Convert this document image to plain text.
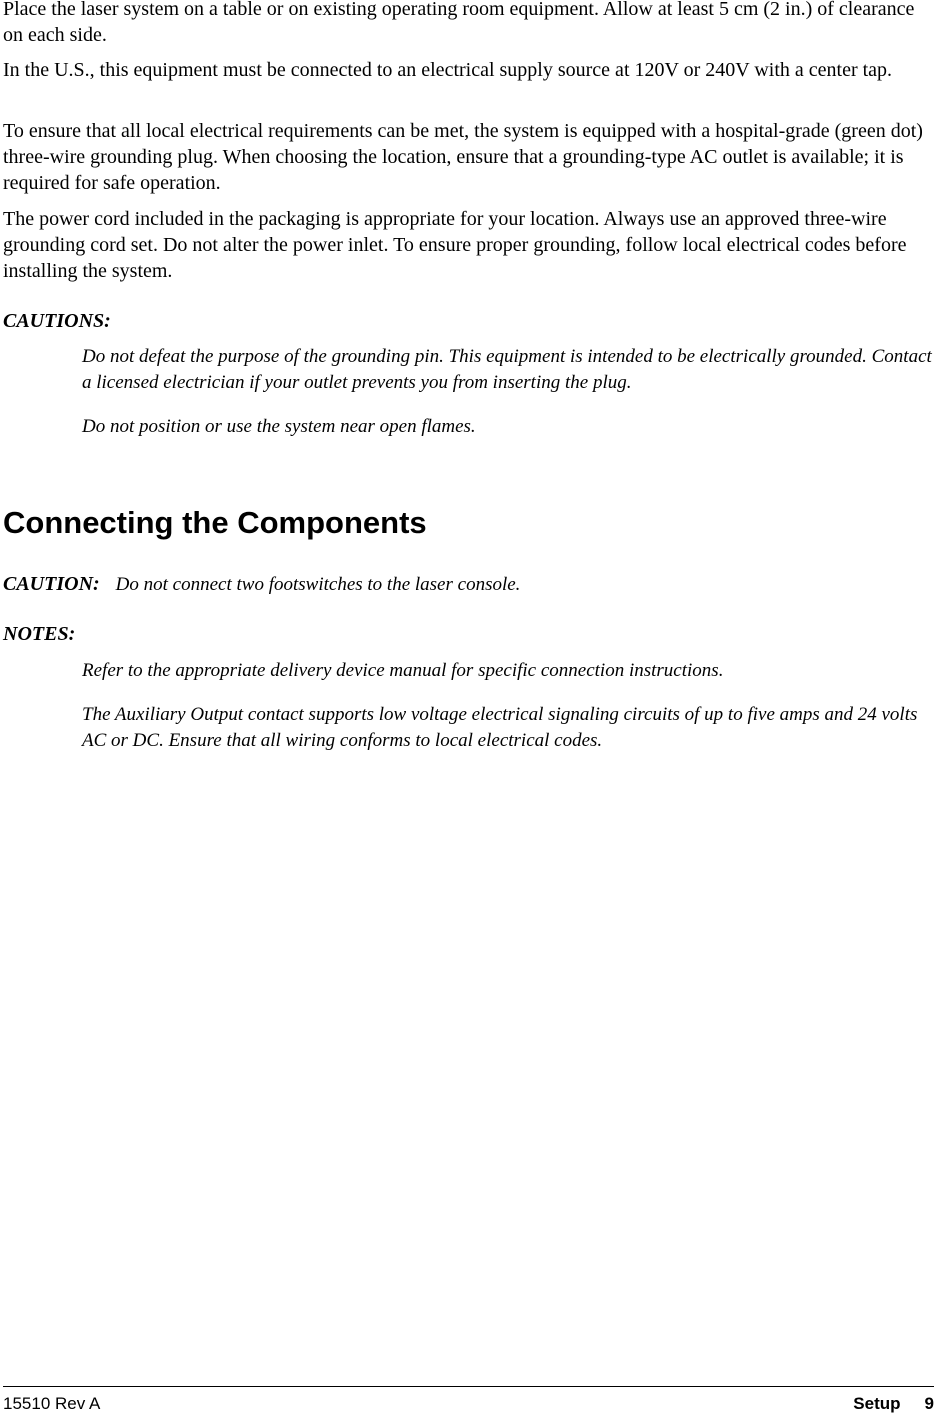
Place the laser system on a table or on existing operating room equipment. Allow at least 5 cm (2 in.) of clearance on each side.

In the U.S., this equipment must be connected to an electrical supply source at 120V or 240V with a center tap.

To ensure that all local electrical requirements can be met, the system is equipped with a hospital-grade (green dot) three-wire grounding plug. When choosing the location, ensure that a grounding-type AC outlet is available; it is required for safe operation.

The power cord included in the packaging is appropriate for your location. Always use an approved three-wire grounding cord set. Do not alter the power inlet. To ensure proper grounding, follow local electrical codes before installing the system.

CAUTIONS:

Do not defeat the purpose of the grounding pin. This equipment is intended to be electrically grounded. Contact a licensed electrician if your outlet prevents you from inserting the plug.

Do not position or use the system near open flames.

Connecting the Components

CAUTION: Do not connect two footswitches to the laser console.

NOTES:

Refer to the appropriate delivery device manual for specific connection instructions.

The Auxiliary Output contact supports low voltage electrical signaling circuits of up to five amps and 24 volts AC or DC. Ensure that all wiring conforms to local electrical codes.

15510 Rev A	Setup 9
